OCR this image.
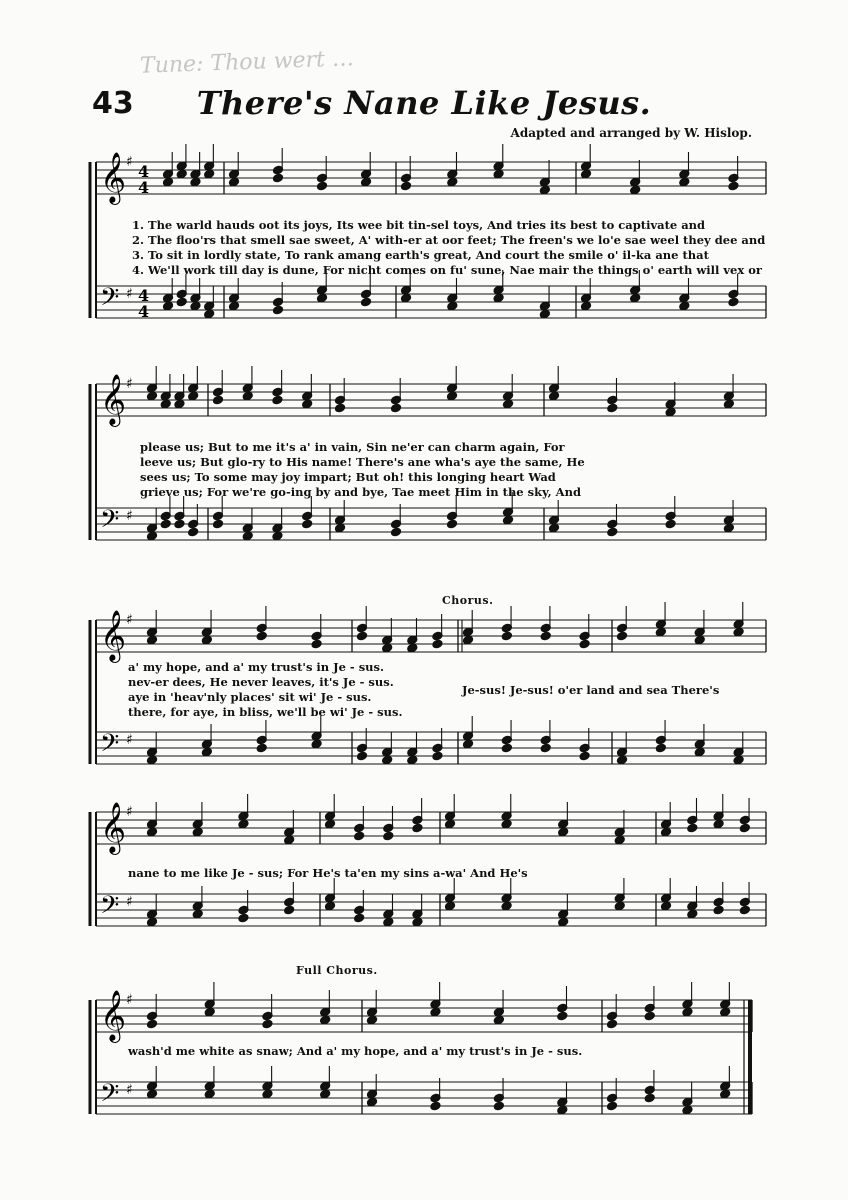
Tune: Thou wert …
43	There's Nane Like Jesus.
Adapted and arranged by W. Hislop.
𝄞
𝄢
♯
♯
4
4
4
4
𝄞
𝄢
♯
♯
𝄞
𝄢
♯
♯
𝄞
𝄢
♯
♯
𝄞
𝄢
♯
♯
1. The warld hauds oot its joys, Its wee bit tin-sel toys, And tries its best to captivate and
2. The floo'rs that smell sae sweet, A' with-er at oor feet; The freen's we lo'e sae weel they dee and
3. To sit in lordly state, To rank amang earth's great, And court the smile o' il-ka ane that
4. We'll work till day is dune, For nicht comes on fu' sune, Nae mair the things o' earth will vex or
please us; But to me it's a' in vain, Sin ne'er can charm again, For
leeve us; But glo-ry to His name! There's ane wha's aye the same, He
sees us; To some may joy impart; But oh! this longing heart Wad
grieve us; For we're go-ing by and bye, Tae meet Him in the sky, And
Chorus.
a' my hope, and a' my trust's in Je - sus.
nev-er dees, He never leaves, it's Je - sus.
aye in 'heav'nly places' sit wi' Je - sus.
there, for aye, in bliss, we'll be wi' Je - sus.
Je-sus! Je-sus! o'er land and sea There's
nane to me like Je - sus; For He's ta'en my sins a-wa' And He's
Full Chorus.
wash'd me white as snaw; And a' my hope, and a' my trust's in Je - sus.
